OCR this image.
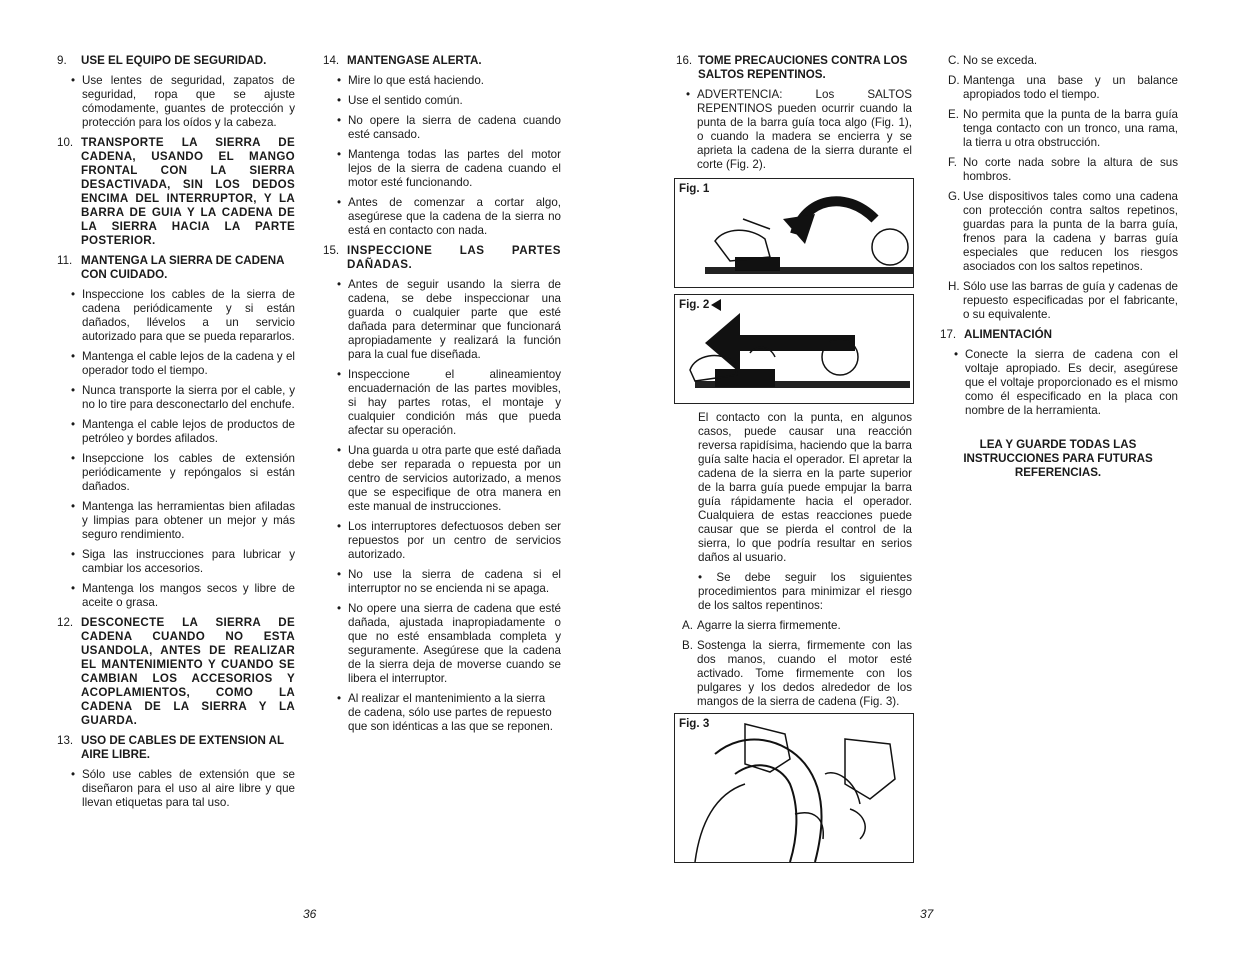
9.	USE EL EQUIPO DE SEGURIDAD.
• Use lentes de seguridad, zapatos de seguridad, ropa que se ajuste cómodamente, guantes de protección y protección para los oídos y la cabeza.
10. TRANSPORTE LA SIERRA DE CADENA, USANDO EL MANGO FRONTAL CON LA SIERRA DESACTIVADA, SIN LOS DEDOS ENCIMA DEL INTERRUPTOR, Y LA BARRA DE GUIA Y LA CADENA DE LA SIERRA HACIA LA PARTE POSTERIOR.
11. MANTENGA LA SIERRA DE CADENA CON CUIDADO.
• Inspeccione los cables de la sierra de cadena periódicamente y si están dañados, llévelos a un servicio autorizado para que se pueda repararlos.
• Mantenga el cable lejos de la cadena y el operador todo el tiempo.
• Nunca transporte la sierra por el cable, y no lo tire para desconectarlo del enchufe.
• Mantenga el cable lejos de productos de petróleo y bordes afilados.
• Insepccione los cables de extensión periódicamente y repóngalos si están dañados.
• Mantenga las herramientas bien afiladas y limpias para obtener un mejor y más seguro rendimiento.
• Siga las instrucciones para lubricar y cambiar los accesorios.
• Mantenga los mangos secos y libre de aceite o grasa.
12. DESCONECTE LA SIERRA DE CADENA CUANDO NO ESTA USANDOLA, ANTES DE REALIZAR EL MANTENIMIENTO Y CUANDO SE CAMBIAN LOS ACCESORIOS Y ACOPLAMIENTOS, COMO LA CADENA DE LA SIERRA Y LA GUARDA.
13. USO DE CABLES DE EXTENSION AL AIRE LIBRE.
• Sólo use cables de extensión que se diseñaron para el uso al aire libre y que llevan etiquetas para tal uso.
14. MANTENGASE ALERTA.
• Mire lo que está haciendo.
• Use el sentido común.
• No opere la sierra de cadena cuando esté cansado.
• Mantenga todas las partes del motor lejos de la sierra de cadena cuando el motor esté funcionando.
• Antes de comenzar a cortar algo, asegúrese que la cadena de la sierra no está en contacto con nada.
15. INSPECCIONE LAS PARTES DAÑADAS.
• Antes de seguir usando la sierra de cadena, se debe inspeccionar una guarda o cualquier parte que esté dañada para determinar que funcionará apropiadamente y realizará la función para la cual fue diseñada.
• Inspeccione el alineamientoy encuadernación de las partes movibles, si hay partes rotas, el montaje y cualquier condición más que pueda afectar su operación.
• Una guarda u otra parte que esté dañada debe ser reparada o repuesta por un centro de servicios autorizado, a menos que se especifique de otra manera en este manual de instrucciones.
• Los interruptores defectuosos deben ser repuestos por un centro de servicios autorizado.
• No use la sierra de cadena si el interruptor no se encienda ni se apaga.
• No opere una sierra de cadena que esté dañada, ajustada inapropiadamente o que no esté ensamblada completa y seguramente. Asegúrese que la cadena de la sierra deja de moverse cuando se libera el interruptor.
• Al realizar el mantenimiento a la sierra de cadena, sólo use partes de repuesto que son idénticas a las que se reponen.
36
16. TOME PRECAUCIONES CONTRA LOS SALTOS REPENTINOS.
• ADVERTENCIA: Los SALTOS REPENTINOS pueden ocurrir cuando la punta de la barra guía toca algo (Fig. 1), o cuando la madera se encierra y se aprieta la cadena de la sierra durante el corte (Fig. 2).
Fig. 1
Fig. 2
El contacto con la punta, en algunos casos, puede causar una reacción reversa rapidísima, haciendo que la barra guía salte hacia el operador. El apretar la cadena de la sierra en la parte superior de la barra guía puede empujar la barra guía rápidamente hacia el operador. Cualquiera de estas reacciones puede causar que se pierda el control de la sierra, lo que podría resultar en serios daños al usuario.
• Se debe seguir los siguientes procedimientos para minimizar el riesgo de los saltos repentinos:
A. Agarre la sierra firmemente.
B. Sostenga la sierra, firmemente con las dos manos, cuando el motor esté activado. Tome firmemente con los pulgares y los dedos alrededor de los mangos de la sierra de cadena (Fig. 3).
Fig. 3
C. No se exceda.
D. Mantenga una base y un balance apropiados todo el tiempo.
E. No permita que la punta de la barra guía tenga contacto con un tronco, una rama, la tierra u otra obstrucción.
F. No corte nada sobre la altura de sus hombros.
G. Use dispositivos tales como una cadena con protección contra saltos repetinos, guardas para la punta de la barra guía, frenos para la cadena y barras guía especiales que reducen los riesgos asociados con los saltos repetinos.
H. Sólo use las barras de guía y cadenas de repuesto especificadas por el fabricante, o su equivalente.
17. ALIMENTACIÓN
• Conecte la sierra de cadena con el voltaje apropiado. Es decir, asegúrese que el voltaje proporcionado es el mismo como él especificado en la placa con nombre de la herramienta.
LEA Y GUARDE TODAS LAS INSTRUCCIONES PARA FUTURAS REFERENCIAS.
37
